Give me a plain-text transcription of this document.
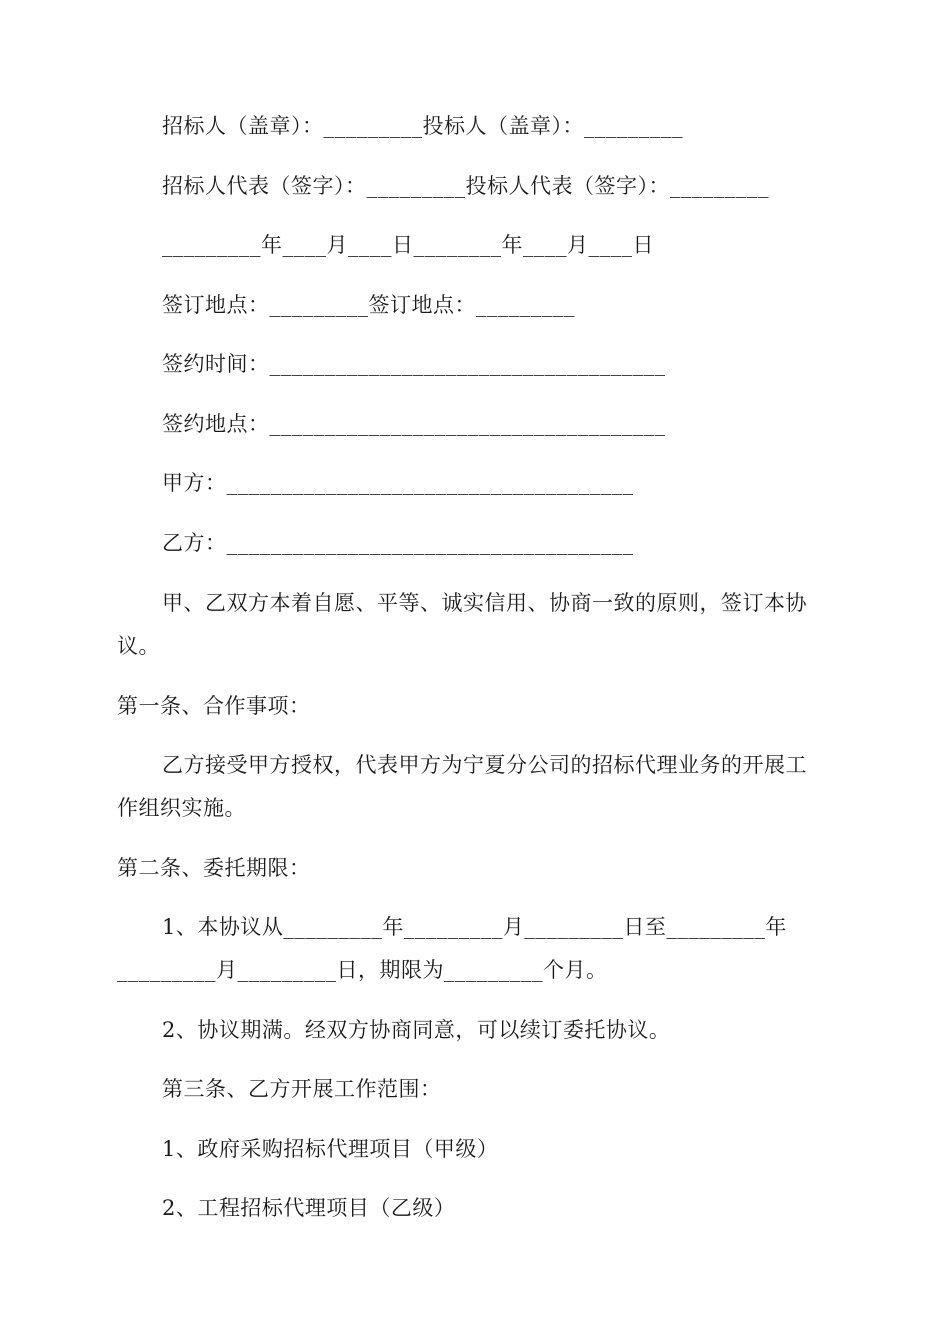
招标人（盖章）：_________投标人（盖章）：_________
招标人代表（签字）：_________投标人代表（签字）：_________
_________年____月____日________年____月____日
签订地点：_________签订地点：_________
签约时间：____________________________________
签约地点：____________________________________
甲方：_____________________________________
乙方：_____________________________________
甲、乙双方本着自愿、平等、诚实信用、协商一致的原则，签订本协
议。
第一条、合作事项：
乙方接受甲方授权，代表甲方为宁夏分公司的招标代理业务的开展工
作组织实施。
第二条、委托期限：
1、本协议从_________年_________月_________日至_________年
_________月_________日，期限为_________个月。
2、协议期满。经双方协商同意，可以续订委托协议。
第三条、乙方开展工作范围：
1、政府采购招标代理项目（甲级）
2、工程招标代理项目（乙级）
